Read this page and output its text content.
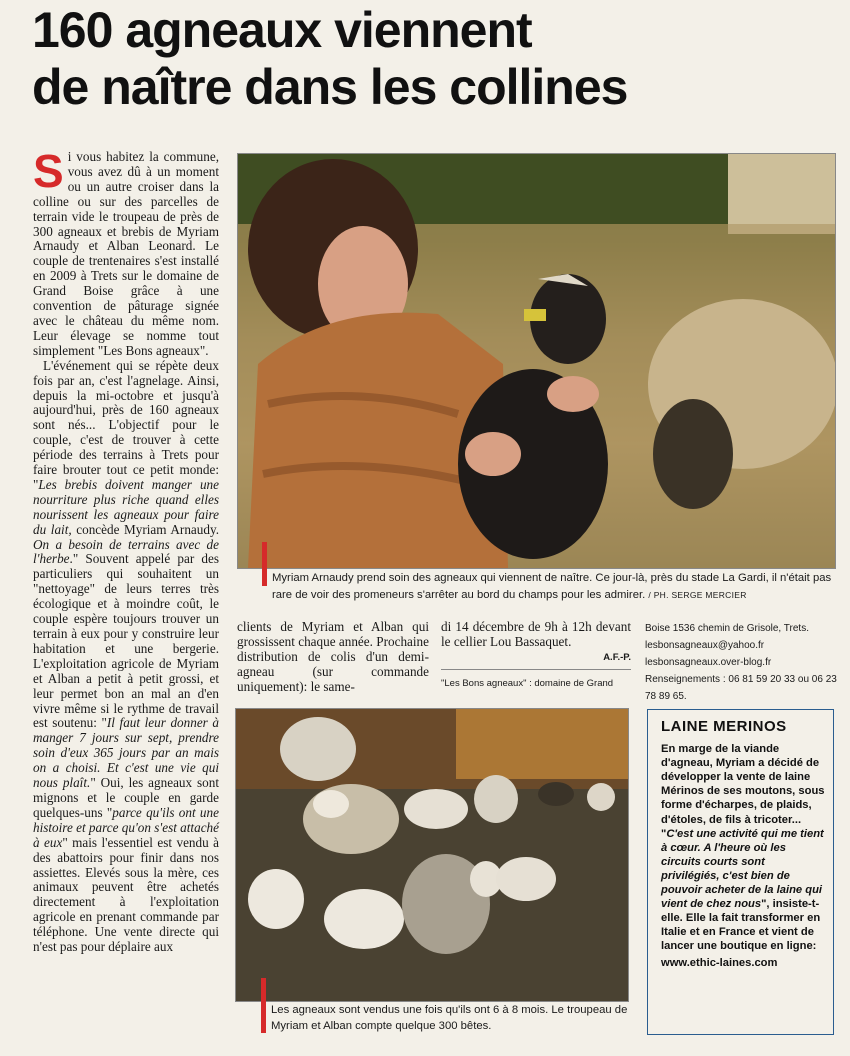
160 agneaux viennent
de naître dans les collines

Si vous habitez la commune, vous avez dû à un moment ou un autre croiser dans la colline ou sur des parcelles de terrain vide le troupeau de près de 300 agneaux et brebis de Myriam Arnaudy et Alban Leonard. Le couple de trentenaires s'est installé en 2009 à Trets sur le domaine de Grand Boise grâce à une convention de pâturage signée avec le château du même nom. Leur élevage se nomme tout simplement "Les Bons agneaux".

L'événement qui se répète deux fois par an, c'est l'agnelage. Ainsi, depuis la mi-octobre et jusqu'à aujourd'hui, près de 160 agneaux sont nés... L'objectif pour le couple, c'est de trouver à cette période des terrains à Trets pour faire brouter tout ce petit monde: "Les brebis doivent manger une nourriture plus riche quand elles nourissent les agneaux pour faire du lait, concède Myriam Arnaudy. On a besoin de terrains avec de l'herbe." Souvent appelé par des particuliers qui souhaitent un "nettoyage" de leurs terres très écologique et à moindre coût, le couple espère toujours trouver un terrain à eux pour y construire leur habitation et une bergerie. L'exploitation agricole de Myriam et Alban a petit à petit grossi, et leur permet bon an mal an d'en vivre même si le rythme de travail est soutenu: "Il faut leur donner à manger 7 jours sur sept, prendre soin d'eux 365 jours par an mais on a choisi. Et c'est une vie qui nous plaît." Oui, les agneaux sont mignons et le couple en garde quelques-uns "parce qu'ils ont une histoire et parce qu'on s'est attaché à eux" mais l'essentiel est vendu à des abattoirs pour finir dans nos assiettes. Elevés sous la mère, ces animaux peuvent être achetés directement à l'exploitation agricole en prenant commande par téléphone. Une vente directe qui n'est pas pour déplaire aux

Myriam Arnaudy prend soin des agneaux qui viennent de naître. Ce jour-là, près du stade La Gardi, il n'était pas rare de voir des promeneurs s'arrêter au bord du champs pour les admirer. / PH. SERGE MERCIER

clients de Myriam et Alban qui grossissent chaque année. Prochaine distribution de colis d'un demi-agneau (sur commande uniquement): le same-

di 14 décembre de 9h à 12h devant le cellier Lou Bassaquet.

A.F.-P.
"Les Bons agneaux" : domaine de Grand
Boise 1536 chemin de Grisole, Trets.
lesbonsagneaux@yahoo.fr
lesbonsagneaux.over-blog.fr
Renseignements : 06 81 59 20 33 ou 06 23 78 89 65.
Les agneaux sont vendus une fois qu'ils ont 6 à 8 mois. Le troupeau de Myriam et Alban compte quelque 300 bêtes.
LAINE MERINOS

En marge de la viande d'agneau, Myriam a décidé de développer la vente de laine Mérinos de ses moutons, sous forme d'écharpes, de plaids, d'étoles, de fils à tricoter... "C'est une activité qui me tient à cœur. A l'heure où les circuits courts sont privilégiés, c'est bien de pouvoir acheter de la laine qui vient de chez nous", insiste-t-elle. Elle la fait transformer en Italie et en France et vient de lancer une boutique en ligne:

www.ethic-laines.com
